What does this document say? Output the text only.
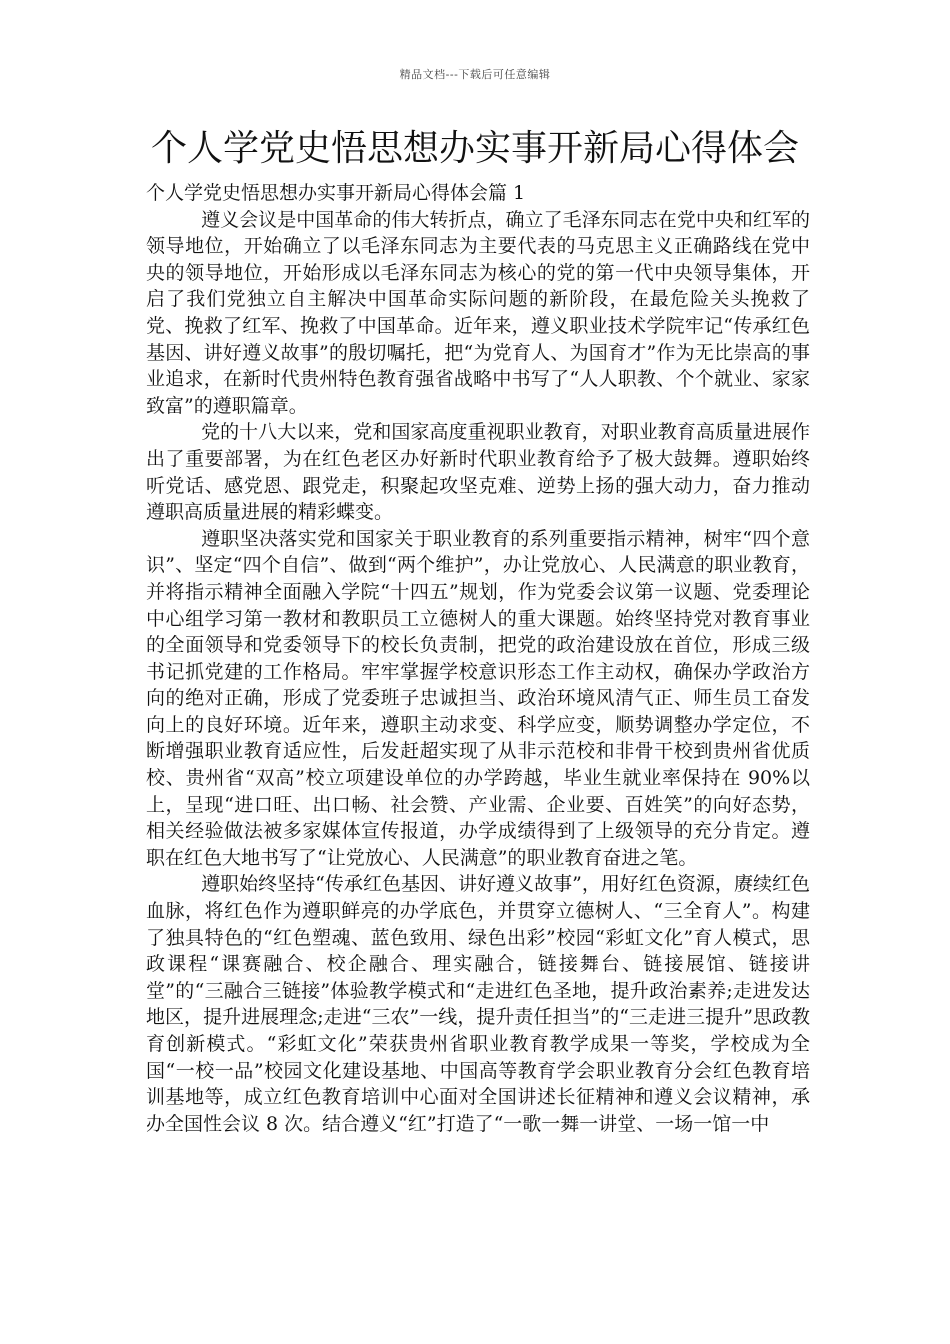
精品文档---下载后可任意编辑
个人学党史悟思想办实事开新局心得体会

个人学党史悟思想办实事开新局心得体会篇 1

遵义会议是中国革命的伟大转折点，确立了毛泽东同志在党中央和红军的领导地位，开始确立了以毛泽东同志为主要代表的马克思主义正确路线在党中央的领导地位，开始形成以毛泽东同志为核心的党的第一代中央领导集体，开启了我们党独立自主解决中国革命实际问题的新阶段，在最危险关头挽救了党、挽救了红军、挽救了中国革命。近年来，遵义职业技术学院牢记“传承红色基因、讲好遵义故事”的殷切嘱托，把“为党育人、为国育才”作为无比崇高的事业追求，在新时代贵州特色教育强省战略中书写了“人人职教、个个就业、家家致富”的遵职篇章。

党的十八大以来，党和国家高度重视职业教育，对职业教育高质量进展作出了重要部署，为在红色老区办好新时代职业教育给予了极大鼓舞。遵职始终听党话、感党恩、跟党走，积聚起攻坚克难、逆势上扬的强大动力，奋力推动遵职高质量进展的精彩蝶变。

遵职坚决落实党和国家关于职业教育的系列重要指示精神，树牢“四个意识”、坚定“四个自信”、做到“两个维护”，办让党放心、人民满意的职业教育，并将指示精神全面融入学院“十四五”规划，作为党委会议第一议题、党委理论中心组学习第一教材和教职员工立德树人的重大课题。始终坚持党对教育事业的全面领导和党委领导下的校长负责制，把党的政治建设放在首位，形成三级书记抓党建的工作格局。牢牢掌握学校意识形态工作主动权，确保办学政治方向的绝对正确，形成了党委班子忠诚担当、政治环境风清气正、师生员工奋发向上的良好环境。近年来，遵职主动求变、科学应变，顺势调整办学定位，不断增强职业教育适应性，后发赶超实现了从非示范校和非骨干校到贵州省优质校、贵州省“双高”校立项建设单位的办学跨越，毕业生就业率保持在 90%以上，呈现“进口旺、出口畅、社会赞、产业需、企业要、百姓笑”的向好态势，相关经验做法被多家媒体宣传报道，办学成绩得到了上级领导的充分肯定。遵职在红色大地书写了“让党放心、人民满意”的职业教育奋进之笔。

遵职始终坚持“传承红色基因、讲好遵义故事”，用好红色资源，赓续红色血脉，将红色作为遵职鲜亮的办学底色，并贯穿立德树人、“三全育人”。构建了独具特色的“红色塑魂、蓝色致用、绿色出彩”校园“彩虹文化”育人模式，思政课程“课赛融合、校企融合、理实融合，链接舞台、链接展馆、链接讲堂”的“三融合三链接”体验教学模式和“走进红色圣地，提升政治素养;走进发达地区，提升进展理念;走进“三农”一线，提升责任担当”的“三走进三提升”思政教育创新模式。“彩虹文化”荣获贵州省职业教育教学成果一等奖，学校成为全国“一校一品”校园文化建设基地、中国高等教育学会职业教育分会红色教育培训基地等，成立红色教育培训中心面对全国讲述长征精神和遵义会议精神，承办全国性会议 8 次。结合遵义“红”打造了“一歌一舞一讲堂、一场一馆一中
